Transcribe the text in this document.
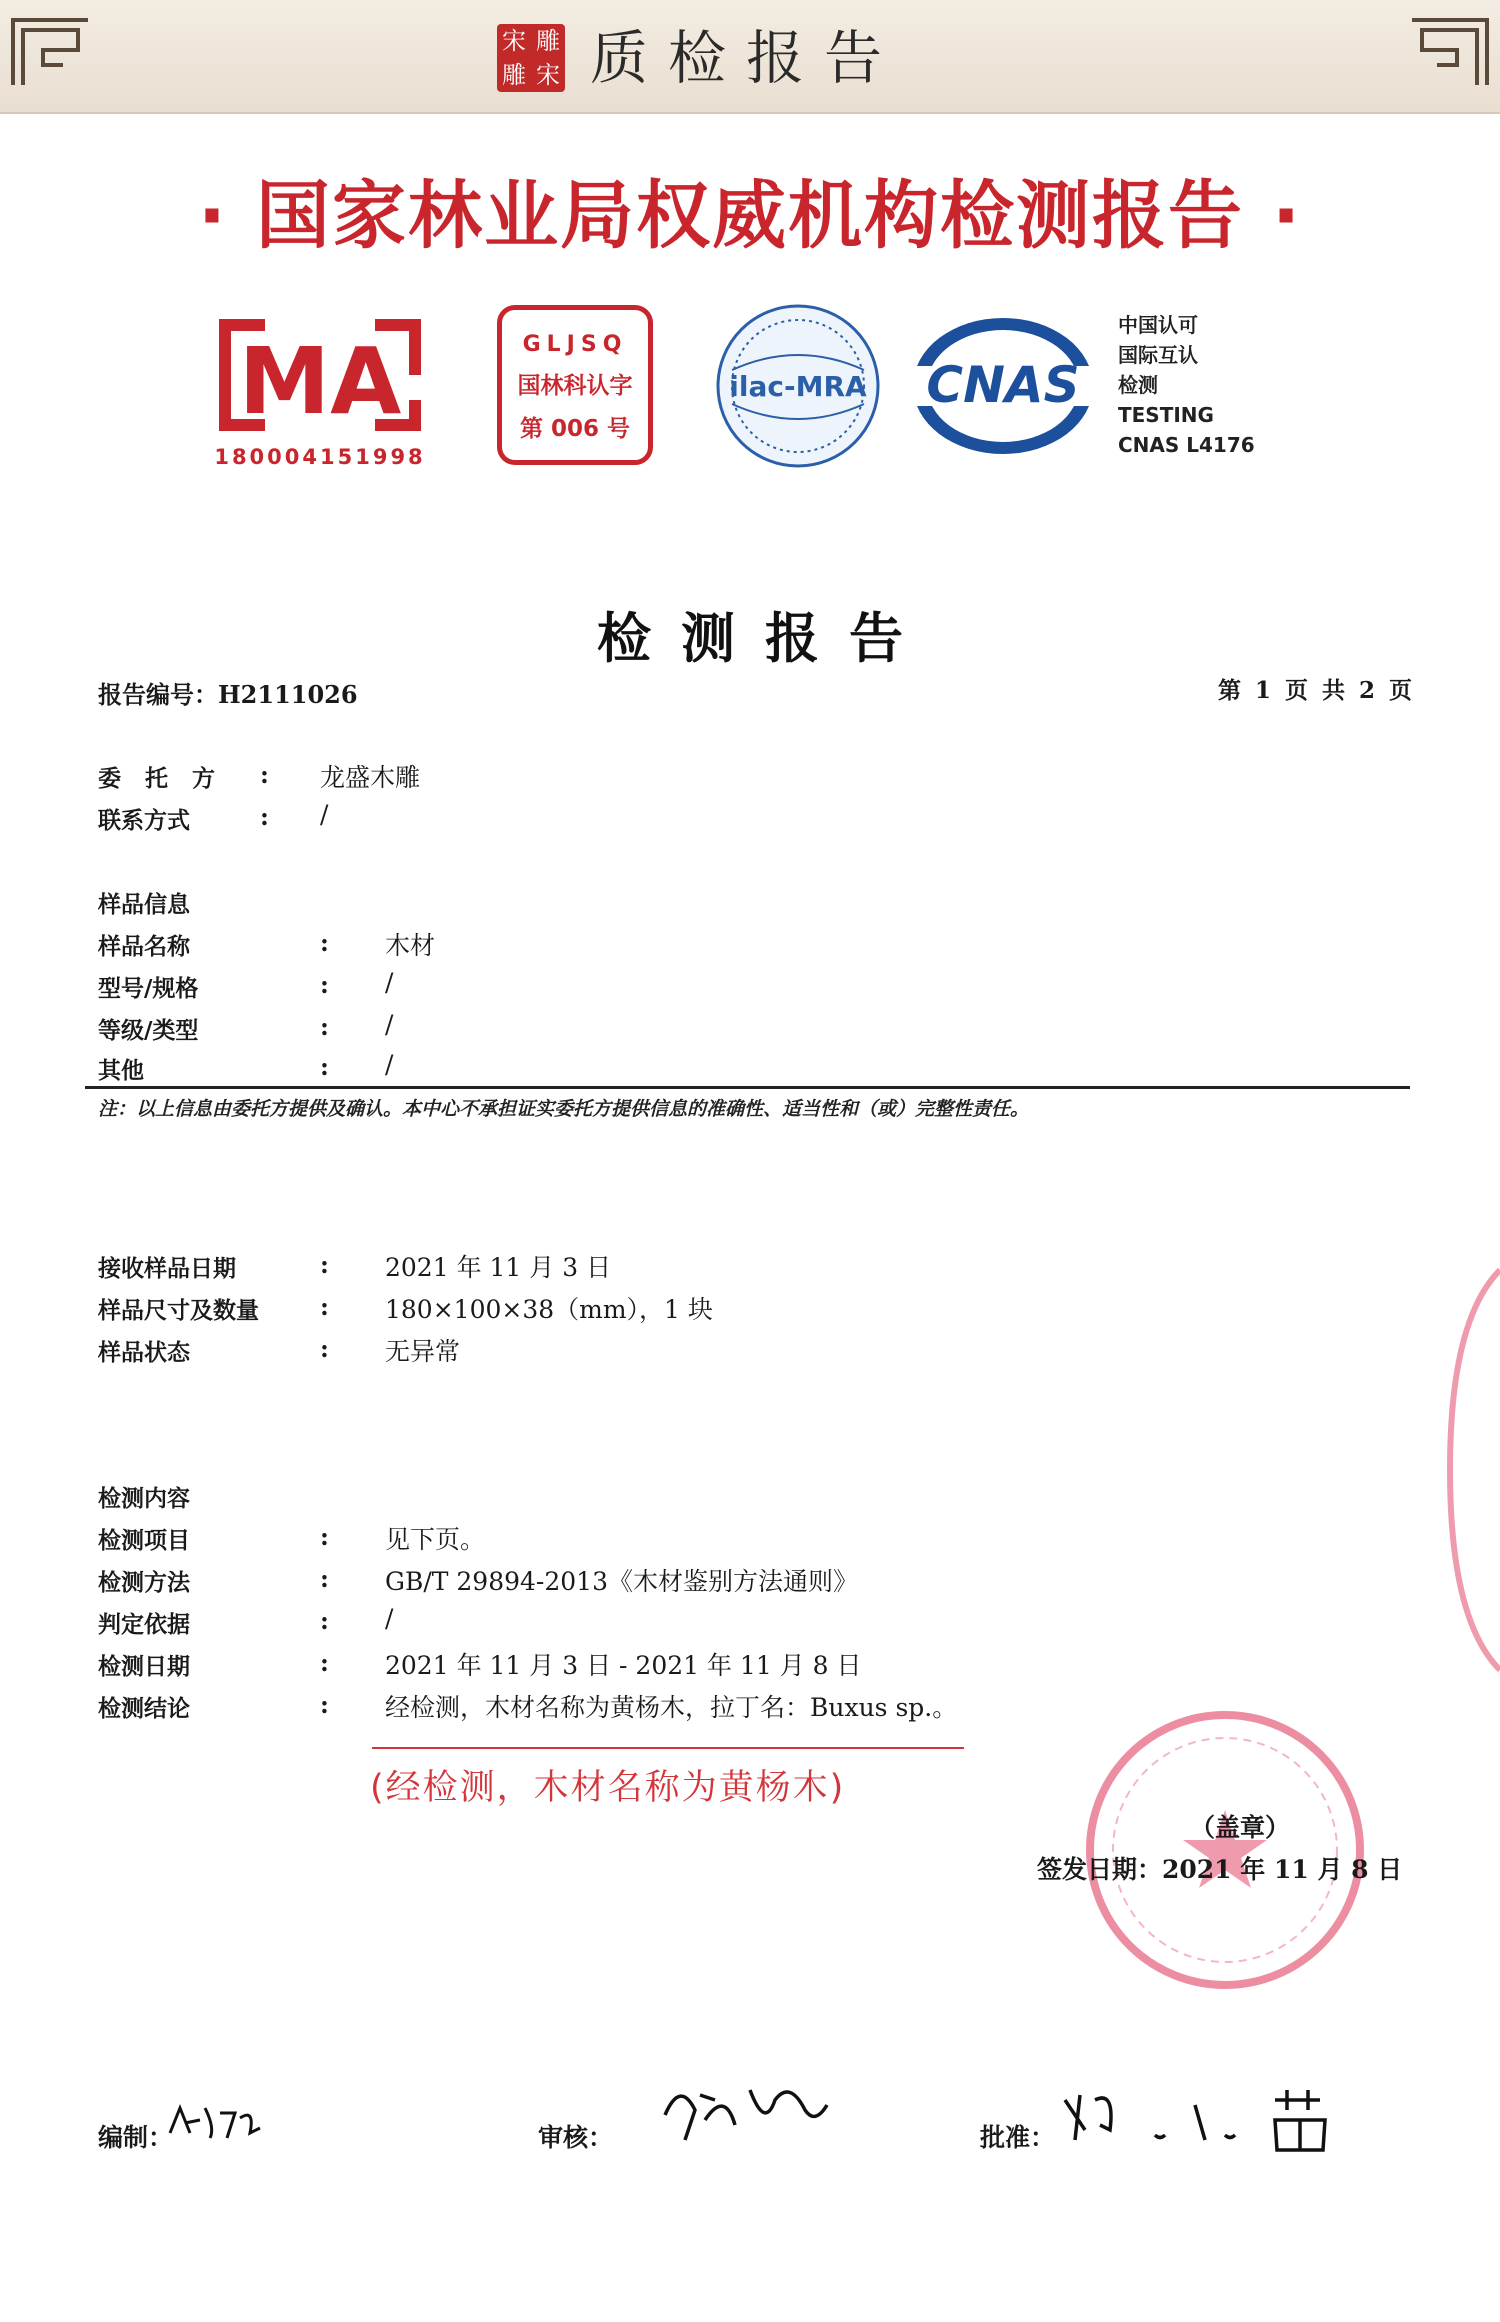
宋 雕
雕 宋 质检报告
· 国家林业局权威机构检测报告 ·
MA
180004151998
GLJSQ
国林科认字
第 006 号
ilac-MRA CNAS
中国认可
国际互认
检测
TESTING
CNAS L4176
检测报告
报告编号：H2111026	第 1 页 共 2 页
委 托 方 : 龙盛木雕
联系方式	: /
样品信息
样品名称	: 木材
型号/规格	: /
等级/类型	: /
其他	: /
注：以上信息由委托方提供及确认。本中心不承担证实委托方提供信息的准确性、适当性和（或）完整性责任。
接收样品日期	: 2021 年 11 月 3 日
样品尺寸及数量	: 180×100×38（mm），1 块
样品状态	: 无异常
检测内容
检测项目	: 见下页。
检测方法	: GB/T 29894-2013《木材鉴别方法通则》
判定依据	: /
检测日期	: 2021 年 11 月 3 日 - 2021 年 11 月 8 日
检测结论	: 经检测，木材名称为黄杨木，拉丁名：Buxus sp.。
(经检测，木材名称为黄杨木)
（盖章）
签发日期：2021 年 11 月 8 日
编制：	审核：	批准：
